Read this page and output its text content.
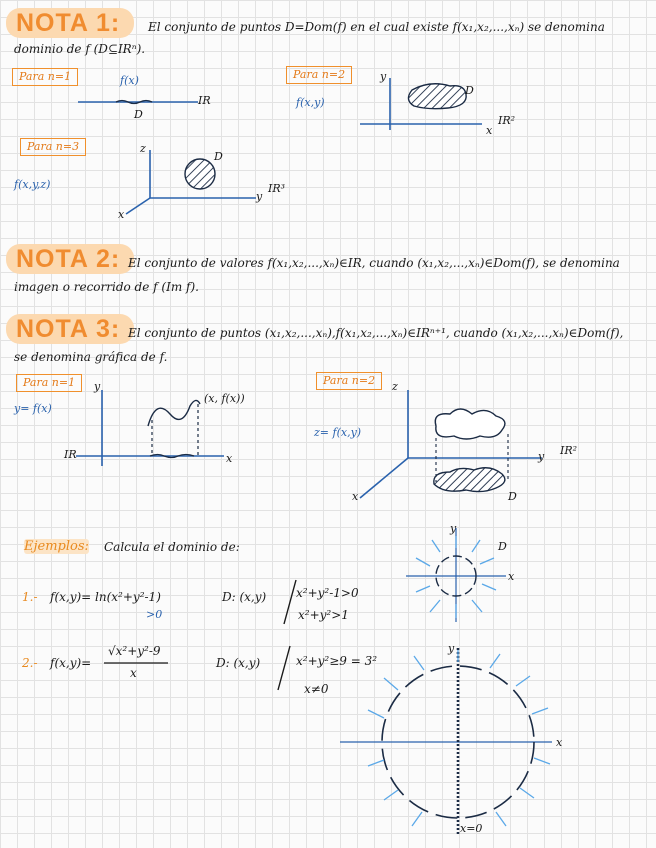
NOTA 1:	El conjunto de puntos D=Dom(f) en el cual existe f(x₁,x₂,...,xₙ) se denomina
dominio de f (D⊆IRⁿ).
Para n=1	f(x)
D
IR
Para n=2
f(x,y)
y
D
x
IR²
Para n=3
f(x,y,z)
z
D
y
IR³
x
NOTA 2: El conjunto de valores f(x₁,x₂,...,xₙ)∈IR, cuando (x₁,x₂,...,xₙ)∈Dom(f), se denomina
imagen o recorrido de f (Im f).
NOTA 3: El conjunto de puntos (x₁,x₂,...,xₙ),f(x₁,x₂,...,xₙ)∈IRⁿ⁺¹, cuando (x₁,x₂,...,xₙ)∈Dom(f),
se denomina gráfica de f.
Para n=1
y= f(x)
y
(x, f(x))
IR	x
Para n=2
z= f(x,y)
z
y IR²
x	D
Ejemplos: Calcula el dominio de:
1.- f(x,y)= ln(x²+y²-1)
>0
D: (x,y) x²+y²-1>0
x²+y²>1
y
D
x
2.- f(x,y)=
√x²+y²-9
x
D: (x,y)	x²+y²≥9 = 3²
x≠0
y
x
x=0
